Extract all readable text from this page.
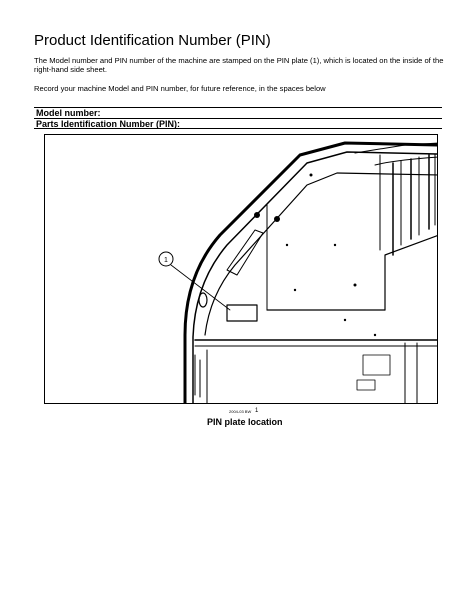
Product Identification Number (PIN)
The Model number and PIN number of the machine are stamped on the PIN plate (1), which is located on the inside of the right-hand side sheet.
Record your machine Model and PIN number, for future reference, in the spaces below
Model number:
Parts Identification Number (PIN):
1
2004-03 BW 1
PIN plate location
